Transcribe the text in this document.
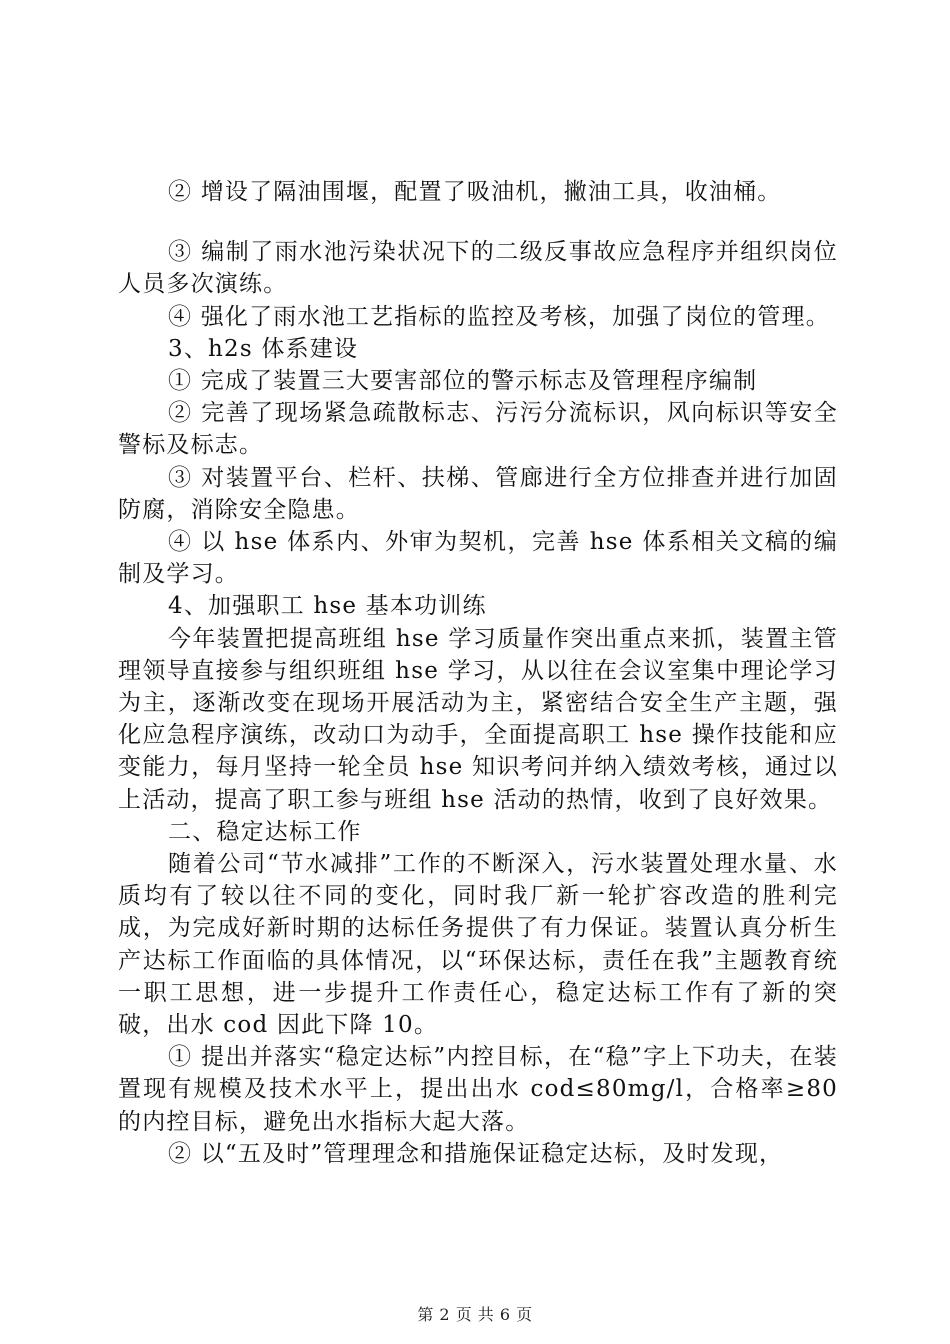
② 增设了隔油围堰，配置了吸油机，撇油工具，收油桶。

③ 编制了雨水池污染状况下的二级反事故应急程序并组织岗位人员多次演练。

④ 强化了雨水池工艺指标的监控及考核，加强了岗位的管理。

3、h2s 体系建设

① 完成了装置三大要害部位的警示标志及管理程序编制

② 完善了现场紧急疏散标志、污污分流标识，风向标识等安全警标及标志。

③ 对装置平台、栏杆、扶梯、管廊进行全方位排查并进行加固防腐，消除安全隐患。

④ 以 hse 体系内、外审为契机，完善 hse 体系相关文稿的编制及学习。

4、加强职工 hse 基本功训练

今年装置把提高班组 hse 学习质量作突出重点来抓，装置主管理领导直接参与组织班组 hse 学习，从以往在会议室集中理论学习为主，逐渐改变在现场开展活动为主，紧密结合安全生产主题，强化应急程序演练，改动口为动手，全面提高职工 hse 操作技能和应变能力，每月坚持一轮全员 hse 知识考问并纳入绩效考核，通过以上活动，提高了职工参与班组 hse 活动的热情，收到了良好效果。

二、稳定达标工作

随着公司“节水减排”工作的不断深入，污水装置处理水量、水质均有了较以往不同的变化，同时我厂新一轮扩容改造的胜利完成，为完成好新时期的达标任务提供了有力保证。装置认真分析生产达标工作面临的具体情况，以“环保达标，责任在我”主题教育统一职工思想，进一步提升工作责任心，稳定达标工作有了新的突破，出水 cod 因此下降 10。

① 提出并落实“稳定达标”内控目标，在“稳”字上下功夫，在装置现有规模及技术水平上，提出出水 cod≤80mg/l，合格率≥80 的内控目标，避免出水指标大起大落。

② 以“五及时”管理理念和措施保证稳定达标，及时发现，

第 2 页 共 6 页
